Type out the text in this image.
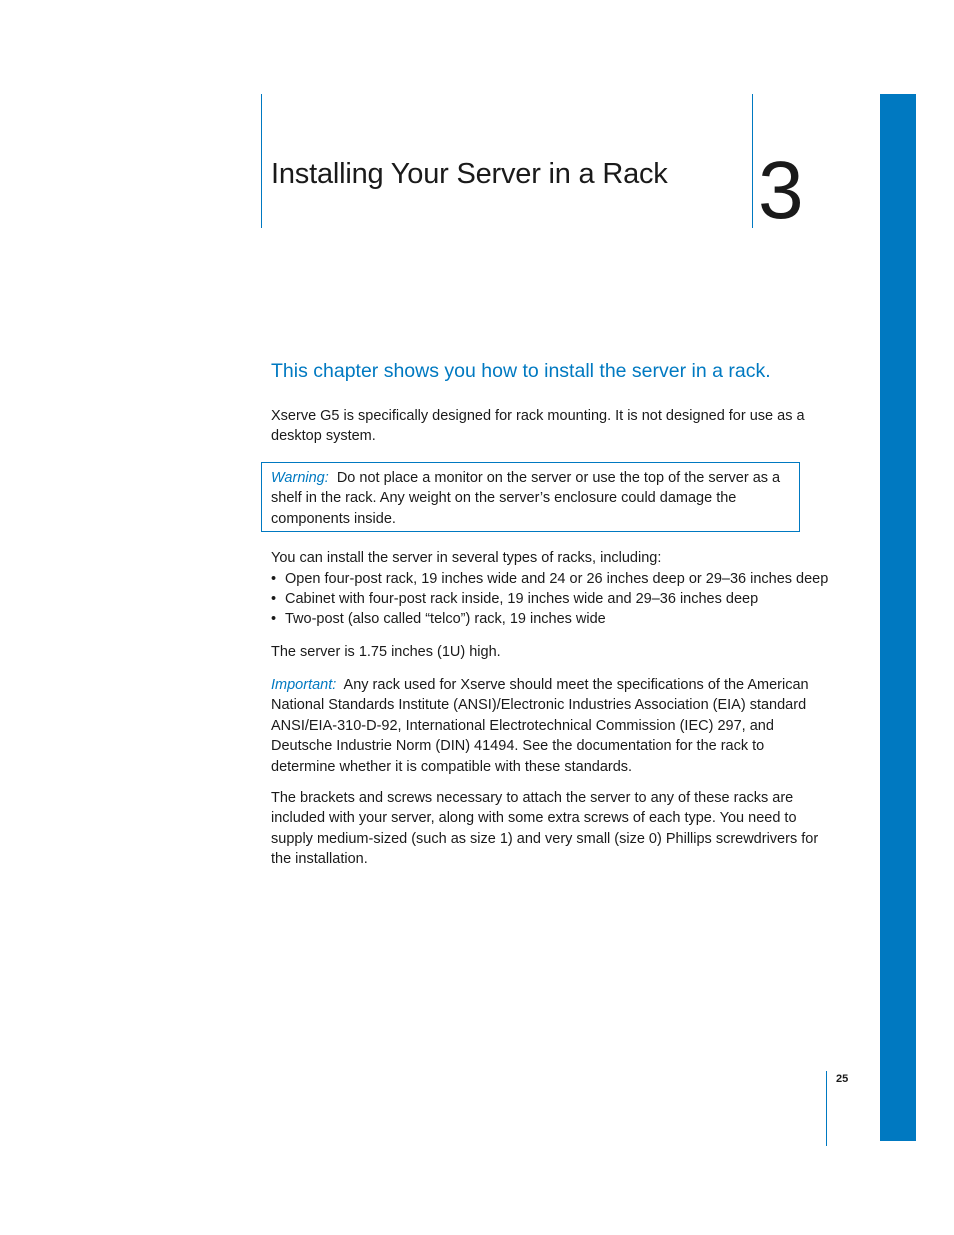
Installing Your Server in a Rack 3
This chapter shows you how to install the server in a rack.

Xserve G5 is specifically designed for rack mounting. It is not designed for use as a desktop system.

Warning: Do not place a monitor on the server or use the top of the server as a shelf in the rack. Any weight on the server’s enclosure could damage the components inside.

You can install the server in several types of racks, including:

• Open four-post rack, 19 inches wide and 24 or 26 inches deep or 29–36 inches deep
• Cabinet with four-post rack inside, 19 inches wide and 29–36 inches deep
• Two-post (also called “telco”) rack, 19 inches wide

The server is 1.75 inches (1U) high.

Important: Any rack used for Xserve should meet the specifications of the American National Standards Institute (ANSI)/Electronic Industries Association (EIA) standard ANSI/EIA-310-D-92, International Electrotechnical Commission (IEC) 297, and Deutsche Industrie Norm (DIN) 41494. See the documentation for the rack to determine whether it is compatible with these standards.

The brackets and screws necessary to attach the server to any of these racks are included with your server, along with some extra screws of each type. You need to supply medium-sized (such as size 1) and very small (size 0) Phillips screwdrivers for the installation.

25
